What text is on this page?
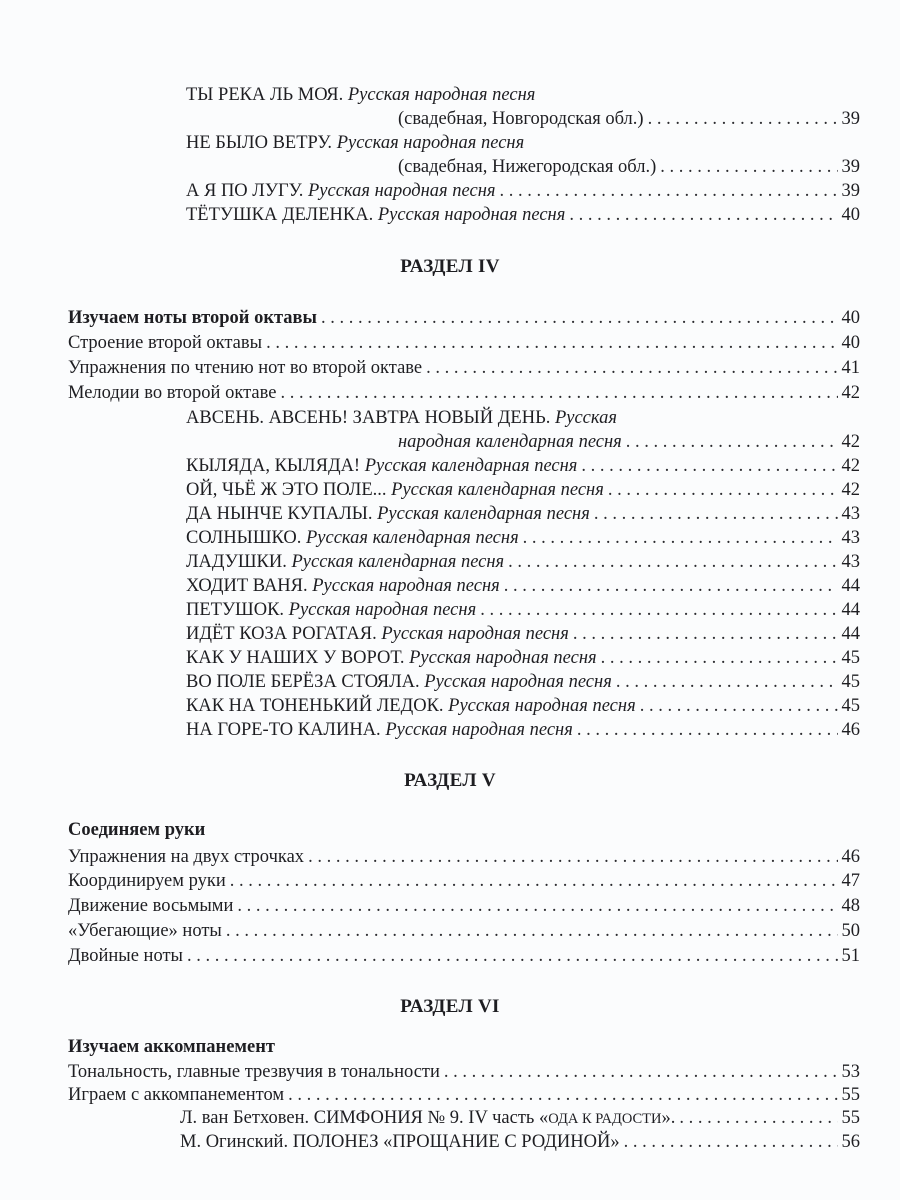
ТЫ РЕКА ЛЬ МОЯ. Русская народная песня
(свадебная, Новгородская обл.) . . .	39
НЕ БЫЛО ВЕТРУ. Русская народная песня
(свадебная, Нижегородская обл.) . . .	39
А Я ПО ЛУГУ. Русская народная песня . . .	39
ТЁТУШКА ДЕЛЕНКА. Русская народная песня . . .	40
РАЗДЕЛ IV
Изучаем ноты второй октавы . . .	40
Строение второй октавы . . .	40
Упражнения по чтению нот во второй октаве . . .	41
Мелодии во второй октаве . . .	42
АВСЕНЬ. АВСЕНЬ! ЗАВТРА НОВЫЙ ДЕНЬ. Русская
народная календарная песня . . .	42
КЫЛЯДА, КЫЛЯДА! Русская календарная песня . . .	42
ОЙ, ЧЬЁ Ж ЭТО ПОЛЕ... Русская календарная песня . . .	42
ДА НЫНЧЕ КУПАЛЫ. Русская календарная песня . . .	43
СОЛНЫШКО. Русская календарная песня . . .	43
ЛАДУШКИ. Русская календарная песня . . .	43
ХОДИТ ВАНЯ. Русская народная песня . . .	44
ПЕТУШОК. Русская народная песня . . .	44
ИДЁТ КОЗА РОГАТАЯ. Русская народная песня . . .	44
КАК У НАШИХ У ВОРОТ. Русская народная песня . . .	45
ВО ПОЛЕ БЕРЁЗА СТОЯЛА. Русская народная песня . . .	45
КАК НА ТОНЕНЬКИЙ ЛЕДОК. Русская народная песня . . .	45
НА ГОРЕ-ТО КАЛИНА. Русская народная песня . . .	46
РАЗДЕЛ V
Соединяем руки
Упражнения на двух строчках . . .	46
Координируем руки . . .	47
Движение восьмыми . . .	48
«Убегающие» ноты . . .	50
Двойные ноты . . .	51
РАЗДЕЛ VI
Изучаем аккомпанемент
Тональность, главные трезвучия в тональности . . .	53
Играем с аккомпанементом . . .	55
Л. ван Бетховен. СИМФОНИЯ № 9. IV часть «ОДА К РАДОСТИ». . . .	55
М. Огинский. ПОЛОНЕЗ «ПРОЩАНИЕ С РОДИНОЙ» . . .	56
